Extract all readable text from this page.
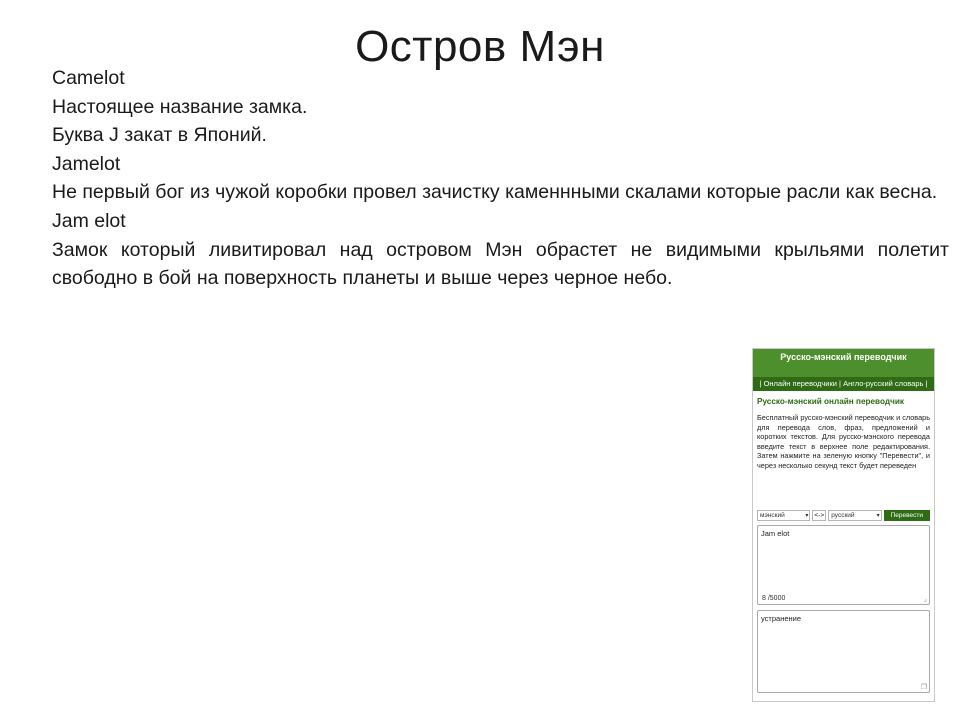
Остров Мэн
Camelot
Настоящее название замка.
Буква J закат в Японий.
Jamelot
Не первый бог из чужой коробки провел зачистку каменнными скалами которые расли как весна.
Jam elot
Замок который ливитировал над островом Мэн обрастет не видимыми крыльями полетит свободно в бой на поверхность планеты и выше через черное небо.
Русско-мэнский переводчик
| Онлайн переводчики | Англо-русский словарь |
Русско-мэнский онлайн переводчик
Бесплатный русско-мэнский переводчик и словарь для перевода слов, фраз, предложений и коротких текстов. Для русско-мэнского перевода введите текст в верхнее поле редактирования. Затем нажмите на зеленую кнопку "Перевести", и через несколько секунд текст будет переведен
мэнский	▾ <->	русский	▾	Перевести
Jam elot
8 /5000	⌟
устранение
❐
